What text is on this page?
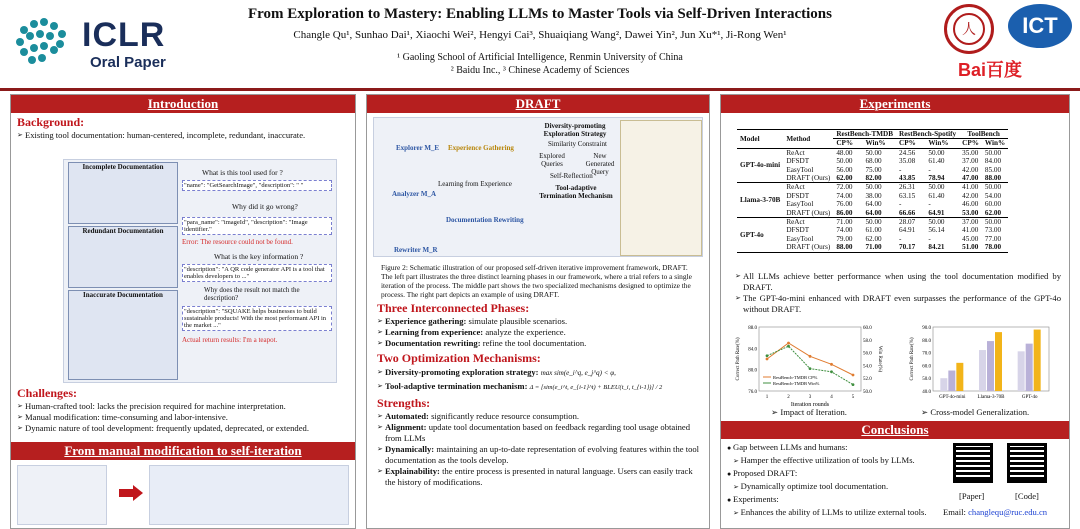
ICLR
Oral Paper
From Exploration to Mastery: Enabling LLMs to Master Tools via Self-Driven Interactions
Changle Qu¹, Sunhao Dai¹, Xiaochi Wei², Hengyi Cai³, Shuaiqiang Wang², Dawei Yin², Jun Xu*¹, Ji-Rong Wen¹
¹ Gaoling School of Artificial Intelligence, Renmin University of China
² Baidu Inc., ³ Chinese Academy of Sciences
人	ICT
Bai百度
Introduction
Background:
➢ Existing tool documentation: human-centered, incomplete, redundant, inaccurate.
Incomplete Documentation
Redundant Documentation
Inaccurate Documentation
What is this tool used for ?
"name": "GetSearchImage", "description": " "
Why did it go wrong?
"para_name": "imageId", "description": "Image identifier."
Error: The resource could not be found.
What is the key information ?
"description": "A QR code generator API is a tool that enables developers to ..."
Why does the result not match the description?
"description": "SQUAKE helps businesses to build sustainable products! With the most performant API in the market ..."
Actual return results: I'm a teapot.
Challenges:
➢ Human-crafted tool: lacks the precision required for machine interpretation.
➢ Manual modification: time-consuming and labor-intensive.
➢ Dynamic nature of tool development: frequently updated, deprecated, or extended.
From manual modification to self-iteration
DRAFT
Explorer M_E Experience Gathering
Learning from Experience
Analyzer M_A
Documentation Rewriting
Rewriter M_R
Diversity-promoting Exploration Strategy
Similarity Constraint
Explored Queries
New Generated Query
Self-Reflection
Tool-adaptive Termination Mechanism
Figure 2: Schematic illustration of our proposed self-driven iterative improvement framework, DRAFT. The left part illustrates the three distinct learning phases in our framework, where a trial refers to a single iteration of the process. The middle part shows the two specialized mechanisms designed to optimize the process. The right part depicts an example of using DRAFT.
Three Interconnected Phases:
➢ Experience gathering: simulate plausible scenarios.
➢ Learning from experience: analyze the experience.
➢ Documentation rewriting: refine the tool documentation.
Two Optimization Mechanisms:
➢ Diversity-promoting exploration strategy: max sim(e_i^q, e_j^q) < φ,
➢ Tool-adaptive termination mechanism: Δ = [sim(e_i^t, e_{i-1}^t) + BLEU(t_i, t_{i-1})] / 2
Strengths:
➢ Automated: significantly reduce resource consumption.
➢ Alignment: update tool documentation based on feedback regarding tool usage obtained from LLMs
➢ Dynamically: maintaining an up-to-date representation of evolving features within the tool documentation as the tools develop.
➢ Explainability: the entire process is presented in natural language. Users can easily track the history of modifications.
Experiments
Model	Method	RestBench-TMDB		RestBench-Spotify		ToolBench	
		CP%	Win%	CP%	Win%	CP%	Win%
GPT-4o-mini	ReAct	48.00	50.00	24.56	50.00	35.00	50.00
	DFSDT	50.00	68.00	35.08	61.40	37.00	84.00
	EasyTool	56.00	75.00	-	-	42.00	85.00
	DRAFT (Ours)	62.00	82.00	43.85	78.94	47.00	88.00
Llama-3-70B	ReAct	72.00	50.00	26.31	50.00	41.00	50.00
	DFSDT	74.00	38.00	63.15	61.40	42.00	54.00
	EasyTool	76.00	64.00	-	-	46.00	60.00
	DRAFT (Ours)	86.00	64.00	66.66	64.91	53.00	62.00
GPT-4o	ReAct	71.00	50.00	28.07	50.00	37.00	50.00
	DFSDT	74.00	61.00	64.91	56.14	41.00	73.00
	EasyTool	79.00	62.00	-	-	45.00	77.00
	DRAFT (Ours)	88.00	71.00	70.17	84.21	51.00	78.00
➢ All LLMs achieve better performance when using the tool documentation modified by DRAFT.
➢ The GPT-4o-mini enhanced with DRAFT even surpasses the performance of the GPT-4o without DRAFT.
76.0
80.0
84.0
88.0
50.0
52.0
54.0
56.0
58.0
60.0
1	2	3	4	5
Iteration rounds
Correct Path Rate(%)	Win Rate(%)
RestBench-TMDB CP%
RestBench-TMDB Win%
40.0
50.0
60.0
70.0
80.0
90.0
Correct Path Rate(%)
GPT-4o-mini Llama-3-70B	GPT-4o
➢ Impact of Iteration.	➢ Cross-model Generalization.
Conclusions
● Gap between LLMs and humans:
➢ Hamper the effective utilization of tools by LLMs.
● Proposed DRAFT:
➢ Dynamically optimize tool documentation.
● Experiments:
➢ Enhances the ability of LLMs to utilize external tools.
[Paper]	[Code]
Email: changlequ@ruc.edu.cn
